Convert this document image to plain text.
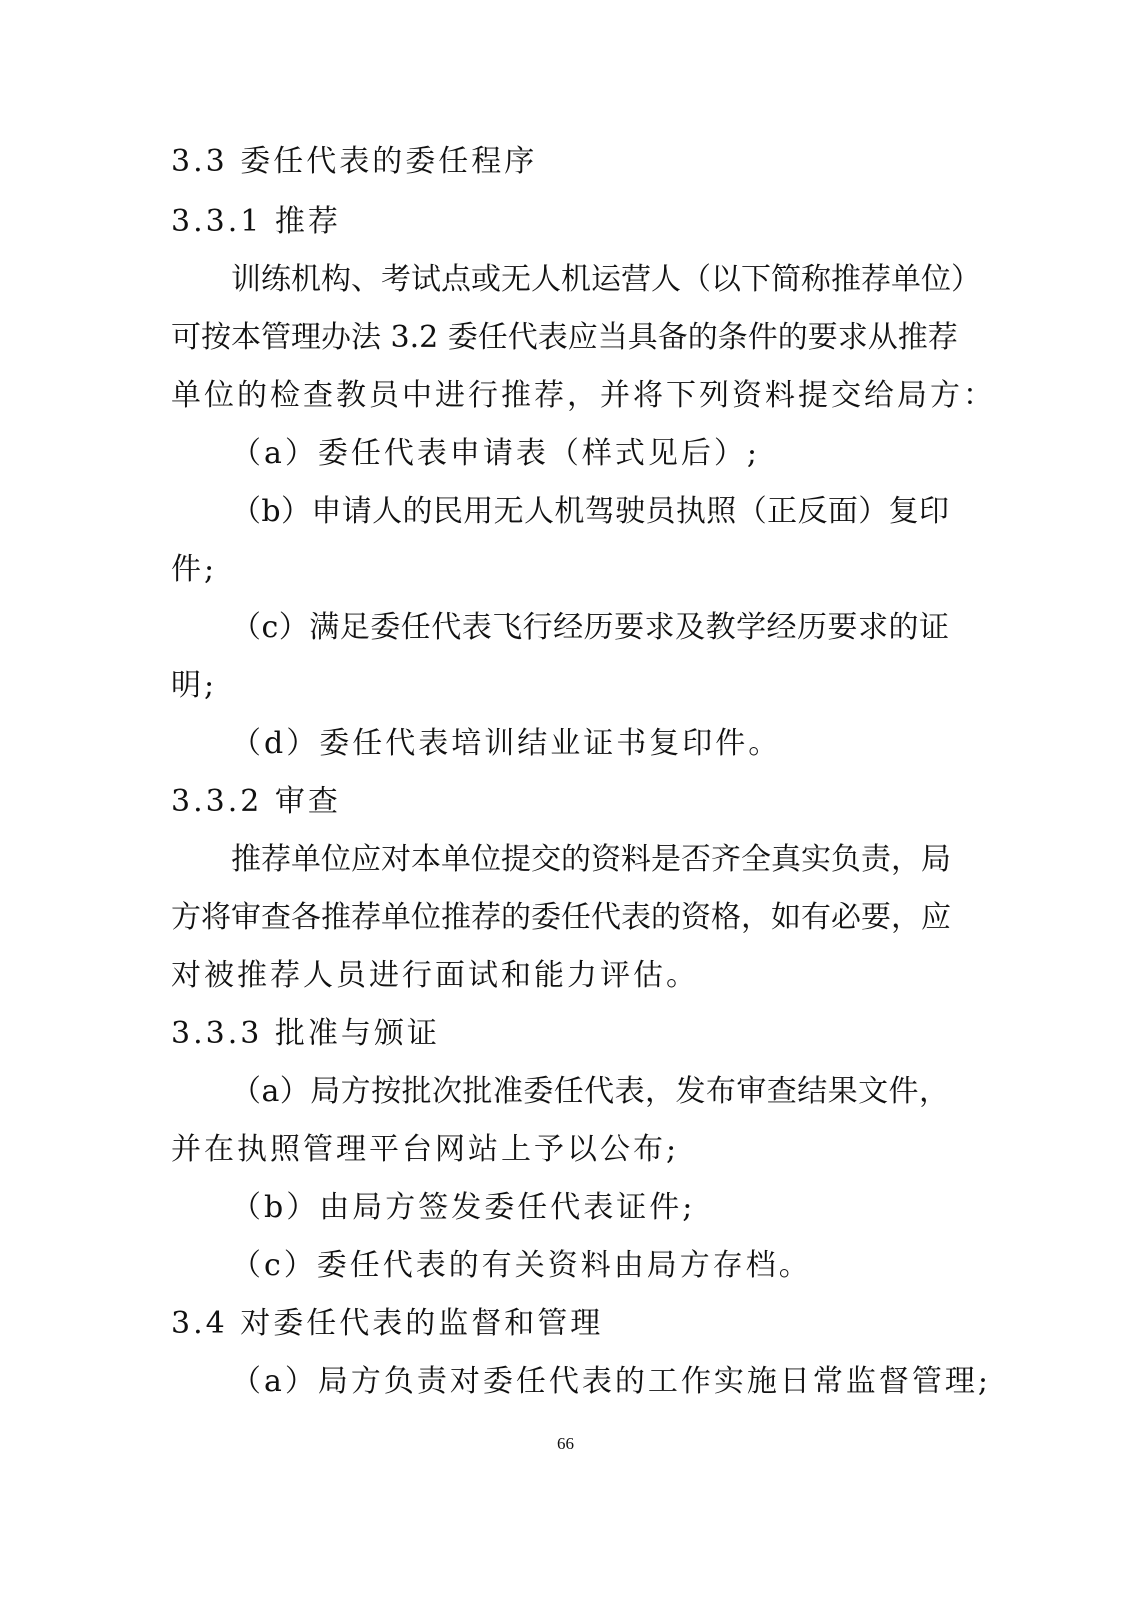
3.3 委任代表的委任程序
3.3.1 推荐
训练机构、考试点或无人机运营人（以下简称推荐单位）
可按本管理办法 3.2 委任代表应当具备的条件的要求从推荐
单位的检查教员中进行推荐，并将下列资料提交给局方：
（a）委任代表申请表（样式见后）;
（b）申请人的民用无人机驾驶员执照（正反面）复印
件;
（c）满足委任代表飞行经历要求及教学经历要求的证
明;
（d）委任代表培训结业证书复印件。
3.3.2 审查
推荐单位应对本单位提交的资料是否齐全真实负责，局
方将审查各推荐单位推荐的委任代表的资格，如有必要，应
对被推荐人员进行面试和能力评估。
3.3.3 批准与颁证
（a）局方按批次批准委任代表，发布审查结果文件，
并在执照管理平台网站上予以公布;
（b）由局方签发委任代表证件;
（c）委任代表的有关资料由局方存档。
3.4 对委任代表的监督和管理
（a）局方负责对委任代表的工作实施日常监督管理;
66
